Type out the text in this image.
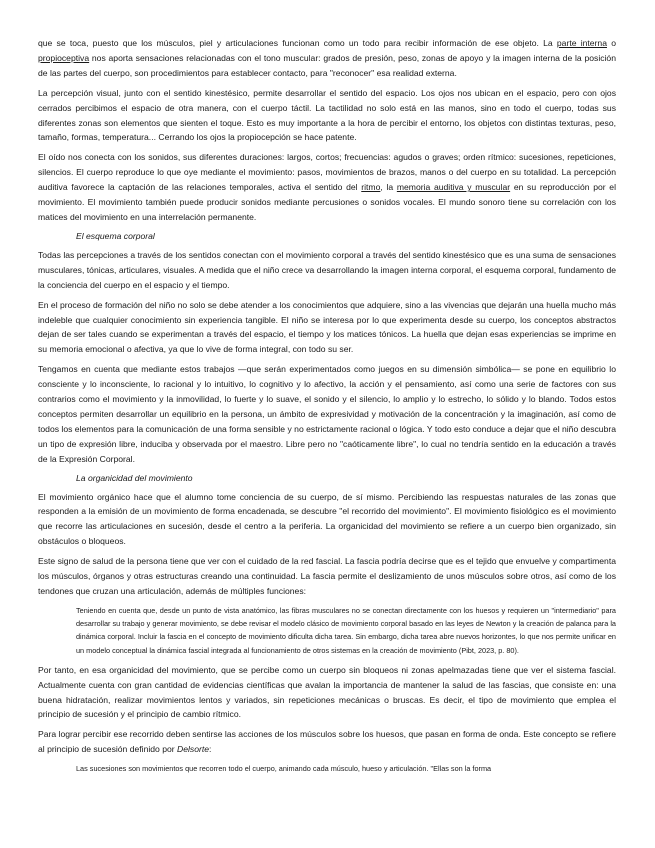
que se toca, puesto que los músculos, piel y articulaciones funcionan como un todo para recibir información de ese objeto. La parte interna o propioceptiva nos aporta sensaciones relacionadas con el tono muscular: grados de presión, peso, zonas de apoyo y la imagen interna de la posición de las partes del cuerpo, son procedimientos para establecer contacto, para "reconocer" esa realidad externa.

La percepción visual, junto con el sentido kinestésico, permite desarrollar el sentido del espacio. Los ojos nos ubican en el espacio, pero con ojos cerrados percibimos el espacio de otra manera, con el cuerpo táctil. La tactilidad no solo está en las manos, sino en todo el cuerpo, todas sus diferentes zonas son elementos que sienten el toque. Esto es muy importante a la hora de percibir el entorno, los objetos con distintas texturas, peso, tamaño, formas, temperatura... Cerrando los ojos la propiocepción se hace patente.

El oído nos conecta con los sonidos, sus diferentes duraciones: largos, cortos; frecuencias: agudos o graves; orden rítmico: sucesiones, repeticiones, silencios. El cuerpo reproduce lo que oye mediante el movimiento: pasos, movimientos de brazos, manos o del cuerpo en su totalidad. La percepción auditiva favorece la captación de las relaciones temporales, activa el sentido del ritmo, la memoria auditiva y muscular en su reproducción por el movimiento. El movimiento también puede producir sonidos mediante percusiones o sonidos vocales. El mundo sonoro tiene su correlación con los matices del movimiento en una interrelación permanente.

El esquema corporal

Todas las percepciones a través de los sentidos conectan con el movimiento corporal a través del sentido kinestésico que es una suma de sensaciones musculares, tónicas, articulares, visuales. A medida que el niño crece va desarrollando la imagen interna corporal, el esquema corporal, fundamento de la conciencia del cuerpo en el espacio y el tiempo.

En el proceso de formación del niño no solo se debe atender a los conocimientos que adquiere, sino a las vivencias que dejarán una huella mucho más indeleble que cualquier conocimiento sin experiencia tangible. El niño se interesa por lo que experimenta desde su cuerpo, los conceptos abstractos dejan de ser tales cuando se experimentan a través del espacio, el tiempo y los matices tónicos. La huella que dejan esas experiencias se imprime en su memoria emocional o afectiva, ya que lo vive de forma integral, con todo su ser.

Tengamos en cuenta que mediante estos trabajos —que serán experimentados como juegos en su dimensión simbólica— se pone en equilibrio lo consciente y lo inconsciente, lo racional y lo intuitivo, lo cognitivo y lo afectivo, la acción y el pensamiento, así como una serie de factores con sus contrarios como el movimiento y la inmovilidad, lo fuerte y lo suave, el sonido y el silencio, lo amplio y lo estrecho, lo sólido y lo blando. Todos estos conceptos permiten desarrollar un equilibrio en la persona, un ámbito de expresividad y motivación de la concentración y la imaginación, así como de todos los elementos para la comunicación de una forma sensible y no estrictamente racional o lógica. Y todo esto conduce a dejar que el niño descubra un tipo de expresión libre, induciba y observada por el maestro. Libre pero no "caóticamente libre", lo cual no tendría sentido en la educación a través de la Expresión Corporal.

La organicidad del movimiento

El movimiento orgánico hace que el alumno tome conciencia de su cuerpo, de sí mismo. Percibiendo las respuestas naturales de las zonas que responden a la emisión de un movimiento de forma encadenada, se descubre "el recorrido del movimiento". El movimiento fisiológico es el movimiento que recorre las articulaciones en sucesión, desde el centro a la periferia. La organicidad del movimiento se refiere a un cuerpo bien organizado, sin obstáculos o bloqueos.

Este signo de salud de la persona tiene que ver con el cuidado de la red fascial. La fascia podría decirse que es el tejido que envuelve y compartimenta los músculos, órganos y otras estructuras creando una continuidad. La fascia permite el deslizamiento de unos músculos sobre otros, así como de los tendones que cruzan una articulación, además de múltiples funciones:

Teniendo en cuenta que, desde un punto de vista anatómico, las fibras musculares no se conectan directamente con los huesos y requieren un "intermediario" para desarrollar su trabajo y generar movimiento, se debe revisar el modelo clásico de movimiento corporal basado en las leyes de Newton y la creación de palanca para la dinámica corporal. Incluir la fascia en el concepto de movimiento dificulta dicha tarea. Sin embargo, dicha tarea abre nuevos horizontes, lo que nos permite unificar en un modelo conceptual la dinámica fascial integrada al funcionamiento de otros sistemas en la creación de movimiento (Pibt, 2023, p. 80).

Por tanto, en esa organicidad del movimiento, que se percibe como un cuerpo sin bloqueos ni zonas apelmazadas tiene que ver el sistema fascial. Actualmente cuenta con gran cantidad de evidencias científicas que avalan la importancia de mantener la salud de las fascias, que consiste en: una buena hidratación, realizar movimientos lentos y variados, sin repeticiones mecánicas o bruscas. Es decir, el tipo de movimiento que emplea el principio de sucesión y el principio de cambio rítmico.

Para lograr percibir ese recorrido deben sentirse las acciones de los músculos sobre los huesos, que pasan en forma de onda. Este concepto se refiere al principio de sucesión definido por Delsorte:

Las sucesiones son movimientos que recorren todo el cuerpo, animando cada músculo, hueso y articulación. "Ellas son la forma
